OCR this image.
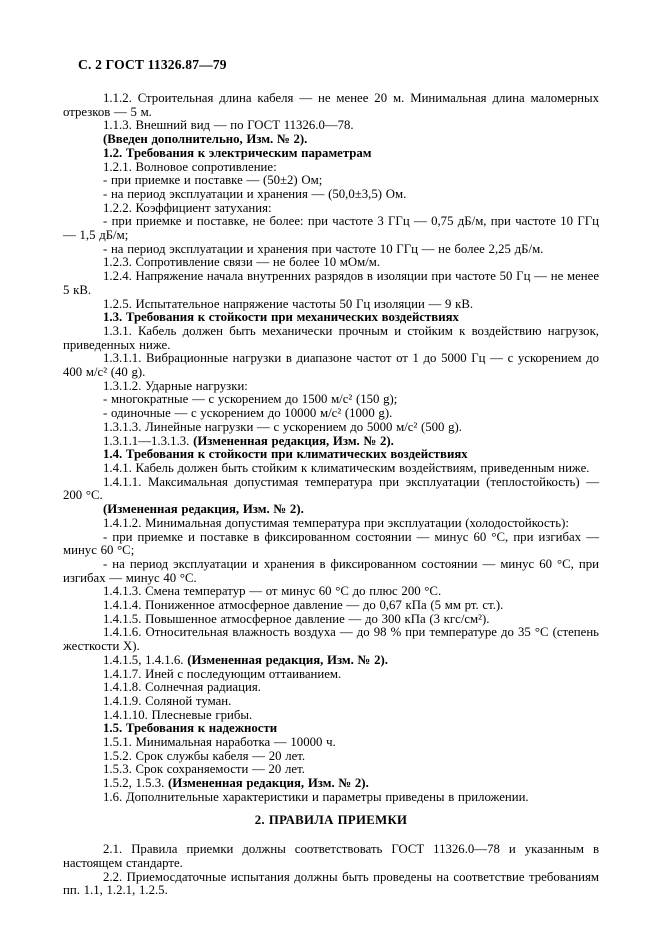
С. 2 ГОСТ 11326.87—79

1.1.2. Строительная длина кабеля — не менее 20 м. Минимальная длина маломерных отрезков — 5 м.

1.1.3. Внешний вид — по ГОСТ 11326.0—78.

(Введен дополнительно, Изм. № 2).

1.2. Требования к электрическим параметрам

1.2.1. Волновое сопротивление:

- при приемке и поставке — (50±2) Ом;

- на период эксплуатации и хранения — (50,0±3,5) Ом.

1.2.2. Коэффициент затухания:

- при приемке и поставке, не более: при частоте 3 ГГц — 0,75 дБ/м, при частоте 10 ГГц — 1,5 дБ/м;

- на период эксплуатации и хранения при частоте 10 ГГц — не более 2,25 дБ/м.

1.2.3. Сопротивление связи — не более 10 мОм/м.

1.2.4. Напряжение начала внутренних разрядов в изоляции при частоте 50 Гц — не менее 5 кВ.

1.2.5. Испытательное напряжение частоты 50 Гц изоляции — 9 кВ.

1.3. Требования к стойкости при механических воздействиях

1.3.1. Кабель должен быть механически прочным и стойким к воздействию нагрузок, приведенных ниже.

1.3.1.1. Вибрационные нагрузки в диапазоне частот от 1 до 5000 Гц — с ускорением до 400 м/с² (40 g).

1.3.1.2. Ударные нагрузки:

- многократные — с ускорением до 1500 м/с² (150 g);

- одиночные — с ускорением до 10000 м/с² (1000 g).

1.3.1.3. Линейные нагрузки — с ускорением до 5000 м/с² (500 g).

1.3.1.1—1.3.1.3. (Измененная редакция, Изм. № 2).

1.4. Требования к стойкости при климатических воздействиях

1.4.1. Кабель должен быть стойким к климатическим воздействиям, приведенным ниже.

1.4.1.1. Максимальная допустимая температура при эксплуатации (теплостойкость) — 200 °С.

(Измененная редакция, Изм. № 2).

1.4.1.2. Минимальная допустимая температура при эксплуатации (холодостойкость):

- при приемке и поставке в фиксированном состоянии — минус 60 °С, при изгибах — минус 60 °С;

- на период эксплуатации и хранения в фиксированном состоянии — минус 60 °С, при изгибах — минус 40 °С.

1.4.1.3. Смена температур — от минус 60 °С до плюс 200 °С.

1.4.1.4. Пониженное атмосферное давление — до 0,67 кПа (5 мм рт. ст.).

1.4.1.5. Повышенное атмосферное давление — до 300 кПа (3 кгс/см²).

1.4.1.6. Относительная влажность воздуха — до 98 % при температуре до 35 °С (степень жесткости Х).

1.4.1.5, 1.4.1.6. (Измененная редакция, Изм. № 2).

1.4.1.7. Иней с последующим оттаиванием.

1.4.1.8. Солнечная радиация.

1.4.1.9. Соляной туман.

1.4.1.10. Плесневые грибы.

1.5. Требования к надежности

1.5.1. Минимальная наработка — 10000 ч.

1.5.2. Срок службы кабеля — 20 лет.

1.5.3. Срок сохраняемости — 20 лет.

1.5.2, 1.5.3. (Измененная редакция, Изм. № 2).

1.6. Дополнительные характеристики и параметры приведены в приложении.

2. ПРАВИЛА ПРИЕМКИ

2.1. Правила приемки должны соответствовать ГОСТ 11326.0—78 и указанным в настоящем стандарте.

2.2. Приемосдаточные испытания должны быть проведены на соответствие требованиям пп. 1.1, 1.2.1, 1.2.5.
